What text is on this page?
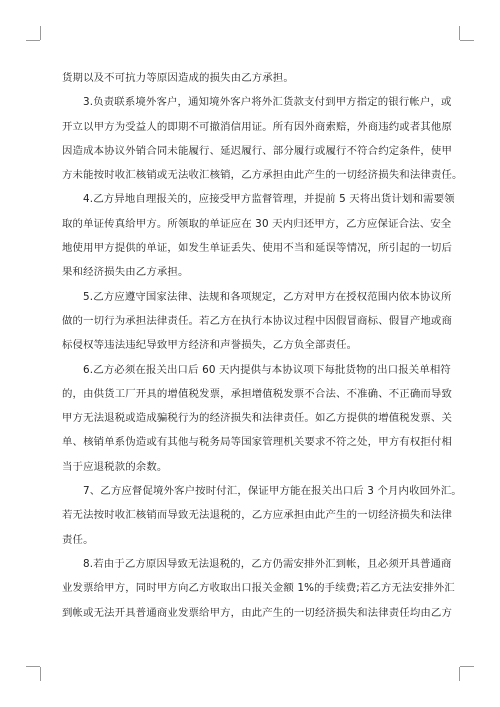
货期以及不可抗力等原因造成的损失由乙方承担。
3.负责联系境外客户，通知境外客户将外汇货款支付到甲方指定的银行帐户，或
开立以甲方为受益人的即期不可撤消信用证。所有因外商索赔，外商违约或者其他原
因造成本协议外销合同未能履行、延迟履行、部分履行或履行不符合约定条件，使甲
方未能按时收汇核销或无法收汇核销，乙方承担由此产生的一切经济损失和法律责任。
4.乙方异地自理报关的，应接受甲方监督管理，并提前 5 天将出货计划和需要领
取的单证传真给甲方。所领取的单证应在 30 天内归还甲方，乙方应保证合法、安全
地使用甲方提供的单证，如发生单证丢失、使用不当和延误等情况，所引起的一切后
果和经济损失由乙方承担。
5.乙方应遵守国家法律、法规和各项规定，乙方对甲方在授权范围内依本协议所
做的一切行为承担法律责任。若乙方在执行本协议过程中因假冒商标、假冒产地或商
标侵权等违法违纪导致甲方经济和声誉损失，乙方负全部责任。
6.乙方必须在报关出口后 60 天内提供与本协议项下每批货物的出口报关单相符
的，由供货工厂开具的增值税发票，承担增值税发票不合法、不准确、不正确而导致
甲方无法退税或造成骗税行为的经济损失和法律责任。如乙方提供的增值税发票、关
单、核销单系伪造或有其他与税务局等国家管理机关要求不符之处，甲方有权拒付相
当于应退税款的余数。
7、乙方应督促境外客户按时付汇，保证甲方能在报关出口后 3 个月内收回外汇。
若无法按时收汇核销而导致无法退税的，乙方应承担由此产生的一切经济损失和法律
责任。
8.若由于乙方原因导致无法退税的，乙方仍需安排外汇到帐，且必须开具普通商
业发票给甲方，同时甲方向乙方收取出口报关金额 1%的手续费;若乙方无法安排外汇
到帐或无法开具普通商业发票给甲方，由此产生的一切经济损失和法律责任均由乙方
